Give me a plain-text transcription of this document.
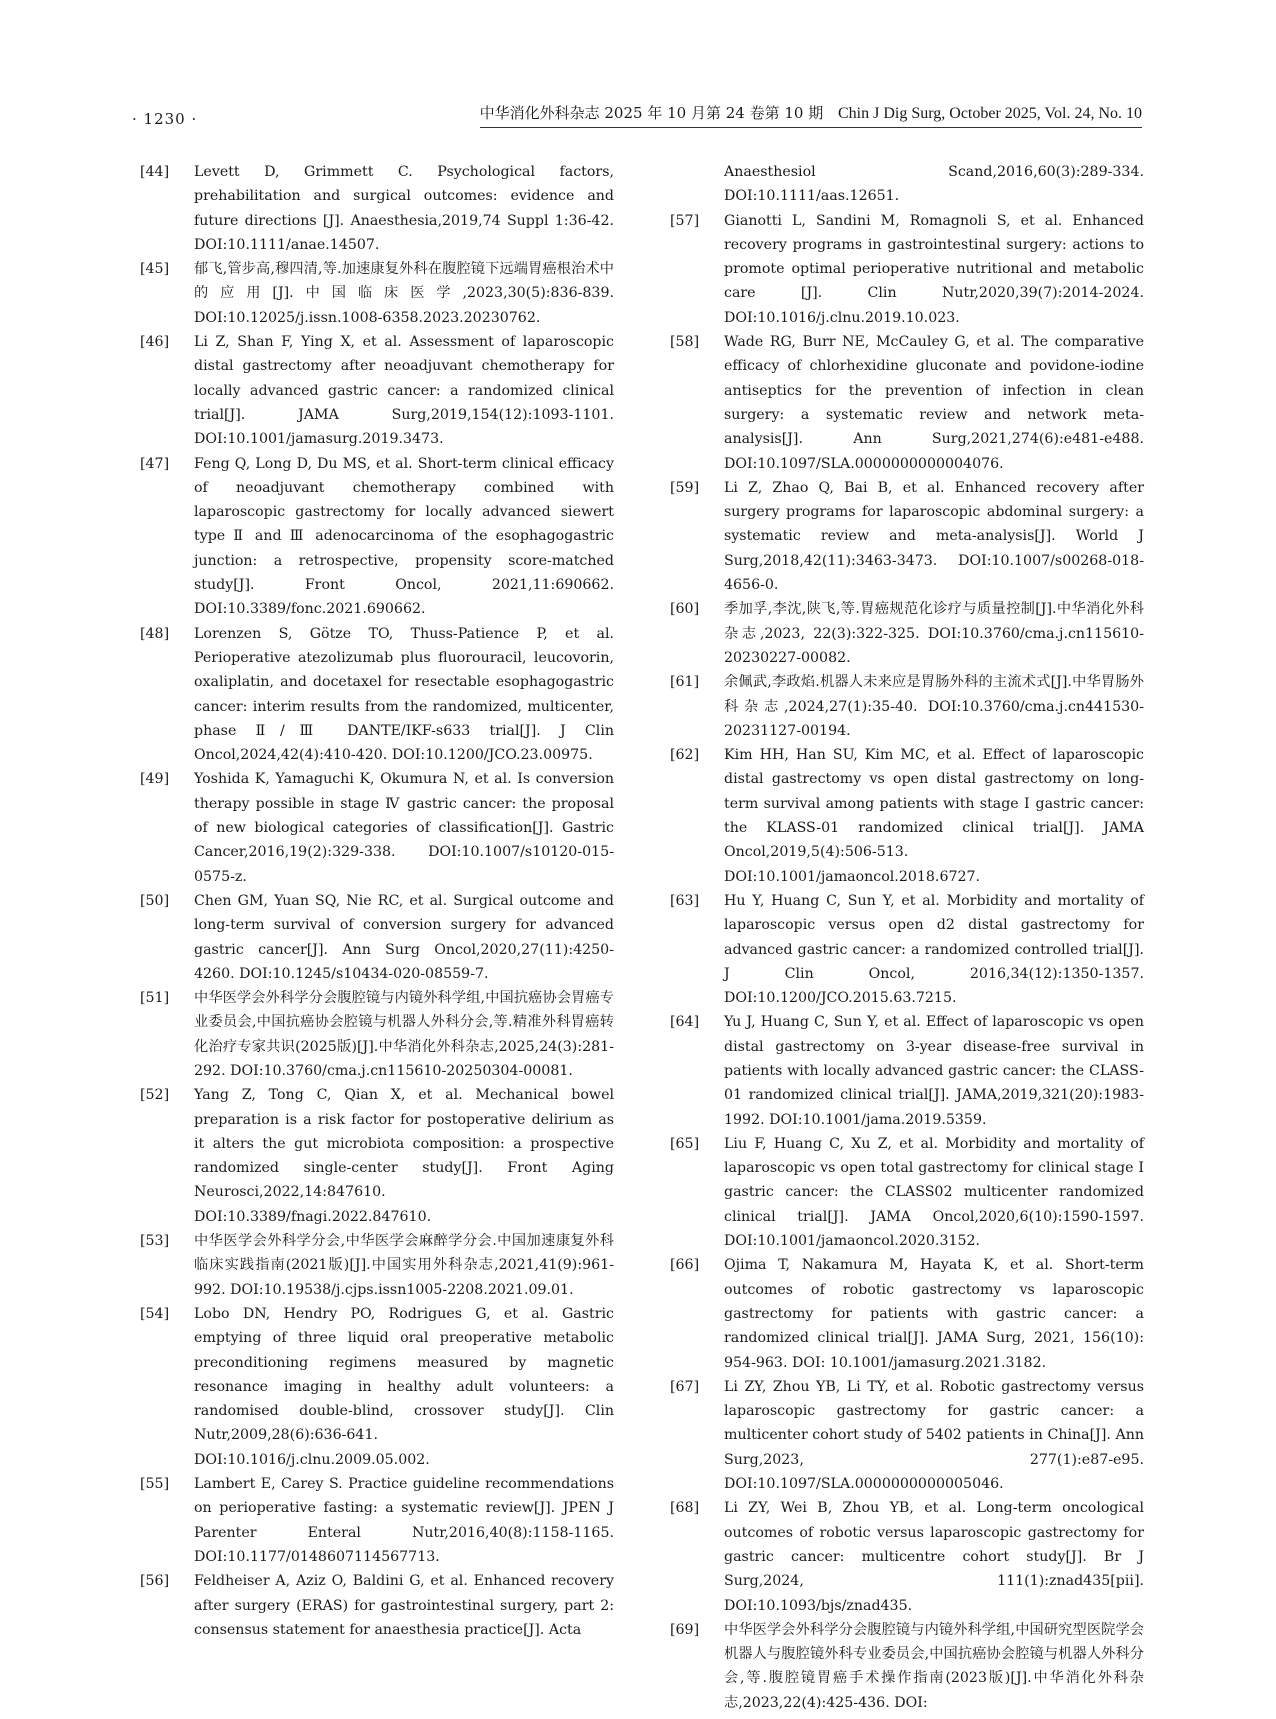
· 1230 ·	中华消化外科杂志 2025 年 10 月第 24 卷第 10 期 Chin J Dig Surg, October 2025, Vol. 24, No. 10
[44]	Levett D, Grimmett C. Psychological factors, prehabilitation and surgical outcomes: evidence and future directions [J]. Anaesthesia,2019,74 Suppl 1:36-42. DOI:10.1111/anae.14507.
[45]	郁飞,管步高,穆四清,等.加速康复外科在腹腔镜下远端胃癌根治术中的应用[J].中国临床医学,2023,30(5):836-839. DOI:10.12025/j.issn.1008-6358.2023.20230762.
[46]	Li Z, Shan F, Ying X, et al. Assessment of laparoscopic distal gastrectomy after neoadjuvant chemotherapy for locally advanced gastric cancer: a randomized clinical trial[J]. JAMA Surg,2019,154(12):1093-1101. DOI:10.1001/jamasurg.2019.3473.
[47]	Feng Q, Long D, Du MS, et al. Short-term clinical efficacy of neoadjuvant chemotherapy combined with laparoscopic gastrectomy for locally advanced siewert type Ⅱ and Ⅲ adenocarcinoma of the esophagogastric junction: a retrospective, propensity score-matched study[J]. Front Oncol, 2021,11:690662. DOI:10.3389/fonc.2021.690662.
[48]	Lorenzen S, Götze TO, Thuss-Patience P, et al. Perioperative atezolizumab plus fluorouracil, leucovorin, oxaliplatin, and docetaxel for resectable esophagogastric cancer: interim results from the randomized, multicenter, phase Ⅱ/Ⅲ DANTE/IKF-s633 trial[J]. J Clin Oncol,2024,42(4):410-420. DOI:10.1200/JCO.23.00975.
[49]	Yoshida K, Yamaguchi K, Okumura N, et al. Is conversion therapy possible in stage Ⅳ gastric cancer: the proposal of new biological categories of classification[J]. Gastric Cancer,2016,19(2):329-338. DOI:10.1007/s10120-015-0575-z.
[50]	Chen GM, Yuan SQ, Nie RC, et al. Surgical outcome and long-term survival of conversion surgery for advanced gastric cancer[J]. Ann Surg Oncol,2020,27(11):4250-4260. DOI:10.1245/s10434-020-08559-7.
[51]	中华医学会外科学分会腹腔镜与内镜外科学组,中国抗癌协会胃癌专业委员会,中国抗癌协会腔镜与机器人外科分会,等.精准外科胃癌转化治疗专家共识(2025版)[J].中华消化外科杂志,2025,24(3):281-292. DOI:10.3760/cma.j.cn115610-20250304-00081.
[52]	Yang Z, Tong C, Qian X, et al. Mechanical bowel preparation is a risk factor for postoperative delirium as it alters the gut microbiota composition: a prospective randomized single-center study[J]. Front Aging Neurosci,2022,14:847610. DOI:10.3389/fnagi.2022.847610.
[53]	中华医学会外科学分会,中华医学会麻醉学分会.中国加速康复外科临床实践指南(2021版)[J].中国实用外科杂志,2021,41(9):961-992. DOI:10.19538/j.cjps.issn1005-2208.2021.09.01.
[54]	Lobo DN, Hendry PO, Rodrigues G, et al. Gastric emptying of three liquid oral preoperative metabolic preconditioning regimens measured by magnetic resonance imaging in healthy adult volunteers: a randomised double-blind, crossover study[J]. Clin Nutr,2009,28(6):636-641. DOI:10.1016/j.clnu.2009.05.002.
[55]	Lambert E, Carey S. Practice guideline recommendations on perioperative fasting: a systematic review[J]. JPEN J Parenter Enteral Nutr,2016,40(8):1158-1165. DOI:10.1177/0148607114567713.
[56]	Feldheiser A, Aziz O, Baldini G, et al. Enhanced recovery after surgery (ERAS) for gastrointestinal surgery, part 2: consensus statement for anaesthesia practice[J]. Acta
Anaesthesiol Scand,2016,60(3):289-334. DOI:10.1111/aas.12651.
[57]	Gianotti L, Sandini M, Romagnoli S, et al. Enhanced recovery programs in gastrointestinal surgery: actions to promote optimal perioperative nutritional and metabolic care [J]. Clin Nutr,2020,39(7):2014-2024. DOI:10.1016/j.clnu.2019.10.023.
[58]	Wade RG, Burr NE, McCauley G, et al. The comparative efficacy of chlorhexidine gluconate and povidone-iodine antiseptics for the prevention of infection in clean surgery: a systematic review and network meta-analysis[J]. Ann Surg,2021,274(6):e481-e488. DOI:10.1097/SLA.0000000000004076.
[59]	Li Z, Zhao Q, Bai B, et al. Enhanced recovery after surgery programs for laparoscopic abdominal surgery: a systematic review and meta-analysis[J]. World J Surg,2018,42(11):3463-3473. DOI:10.1007/s00268-018-4656-0.
[60]	季加孚,李沈,陕飞,等.胃癌规范化诊疗与质量控制[J].中华消化外科杂志,2023, 22(3):322-325. DOI:10.3760/cma.j.cn115610-20230227-00082.
[61]	余佩武,李政焰.机器人未来应是胃肠外科的主流术式[J].中华胃肠外科杂志,2024,27(1):35-40. DOI:10.3760/cma.j.cn441530-20231127-00194.
[62]	Kim HH, Han SU, Kim MC, et al. Effect of laparoscopic distal gastrectomy vs open distal gastrectomy on long-term survival among patients with stage Ⅰ gastric cancer: the KLASS-01 randomized clinical trial[J]. JAMA Oncol,2019,5(4):506-513. DOI:10.1001/jamaoncol.2018.6727.
[63]	Hu Y, Huang C, Sun Y, et al. Morbidity and mortality of laparoscopic versus open d2 distal gastrectomy for advanced gastric cancer: a randomized controlled trial[J]. J Clin Oncol, 2016,34(12):1350-1357. DOI:10.1200/JCO.2015.63.7215.
[64]	Yu J, Huang C, Sun Y, et al. Effect of laparoscopic vs open distal gastrectomy on 3-year disease-free survival in patients with locally advanced gastric cancer: the CLASS-01 randomized clinical trial[J]. JAMA,2019,321(20):1983-1992. DOI:10.1001/jama.2019.5359.
[65]	Liu F, Huang C, Xu Z, et al. Morbidity and mortality of laparoscopic vs open total gastrectomy for clinical stage Ⅰ gastric cancer: the CLASS02 multicenter randomized clinical trial[J]. JAMA Oncol,2020,6(10):1590-1597. DOI:10.1001/jamaoncol.2020.3152.
[66]	Ojima T, Nakamura M, Hayata K, et al. Short-term outcomes of robotic gastrectomy vs laparoscopic gastrectomy for patients with gastric cancer: a randomized clinical trial[J]. JAMA Surg, 2021, 156(10): 954-963. DOI: 10.1001/jamasurg.2021.3182.
[67]	Li ZY, Zhou YB, Li TY, et al. Robotic gastrectomy versus laparoscopic gastrectomy for gastric cancer: a multicenter cohort study of 5402 patients in China[J]. Ann Surg,2023, 277(1):e87-e95. DOI:10.1097/SLA.0000000000005046.
[68]	Li ZY, Wei B, Zhou YB, et al. Long-term oncological outcomes of robotic versus laparoscopic gastrectomy for gastric cancer: multicentre cohort study[J]. Br J Surg,2024, 111(1):znad435[pii]. DOI:10.1093/bjs/znad435.
[69]	中华医学会外科学分会腹腔镜与内镜外科学组,中国研究型医院学会机器人与腹腔镜外科专业委员会,中国抗癌协会腔镜与机器人外科分会,等.腹腔镜胃癌手术操作指南(2023版)[J].中华消化外科杂志,2023,22(4):425-436. DOI:
